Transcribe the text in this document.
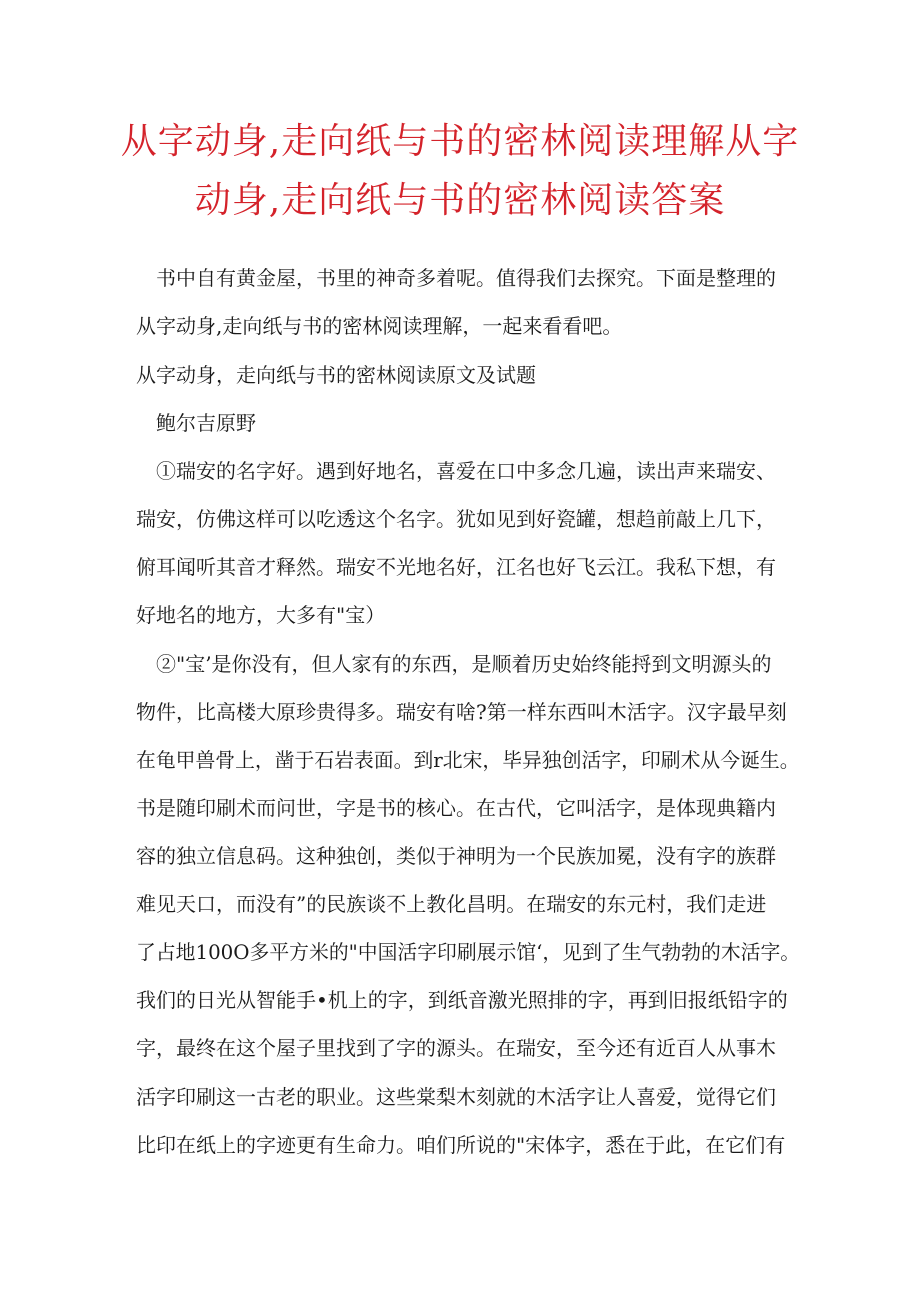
从字动身,走向纸与书的密林阅读理解从字
动身,走向纸与书的密林阅读答案

书中自有黄金屋，书里的神奇多着呢。值得我们去探究。下面是整理的

从字动身,走向纸与书的密林阅读理解，一起来看看吧。

从字动身，走向纸与书的密林阅读原文及试题

鲍尔吉原野

①瑞安的名字好。遇到好地名，喜爱在口中多念几遍，读出声来瑞安、

瑞安，仿佛这样可以吃透这个名字。犹如见到好瓷罐，想趋前敲上几下，

俯耳闻听其音才释然。瑞安不光地名好，江名也好飞云江。我私下想，有

好地名的地方，大多有"宝）

②"宝’是你没有，但人家有的东西，是顺着历史始终能捋到文明源头的

物件，比高楼大原珍贵得多。瑞安有啥?第一样东西叫木活字。汉字最早刻

在龟甲兽骨上，凿于石岩表面。到r北宋，毕异独创活字，印刷术从今诞生。

书是随印刷术而问世，字是书的核心。在古代，它叫活字，是体现典籍内

容的独立信息码。这种独创，类似于神明为一个民族加冕，没有字的族群

难见天口，而没有”的民族谈不上教化昌明。在瑞安的东元村，我们走进

了占地100O多平方米的"中国活字印刷展示馆‘，见到了生气勃勃的木活字。

我们的日光从智能手•机上的字，到纸音激光照排的字，再到旧报纸铅字的

字，最终在这个屋子里找到了字的源头。在瑞安，至今还有近百人从事木

活字印刷这一古老的职业。这些棠梨木刻就的木活字让人喜爱，觉得它们

比印在纸上的字迹更有生命力。咱们所说的"宋体字，悉在于此，在它们有
